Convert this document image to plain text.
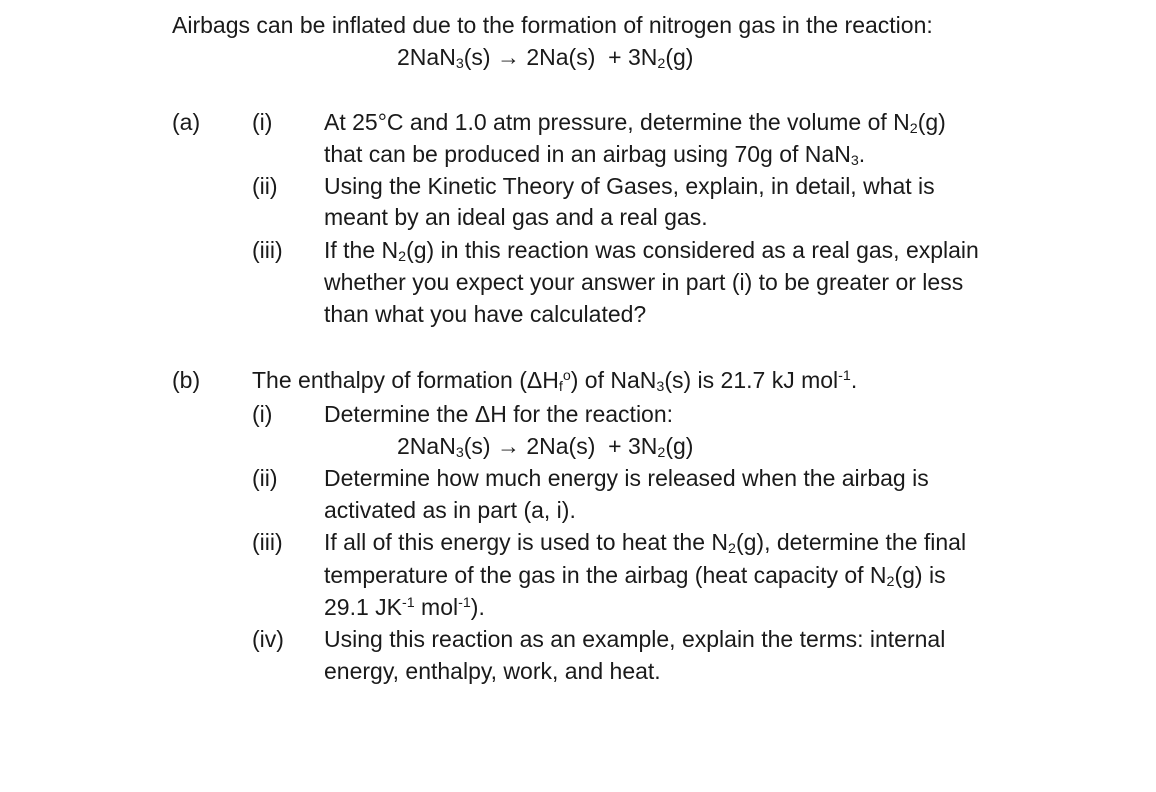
Airbags can be inflated due to the formation of nitrogen gas in the reaction:
$2NaN_3(s) \to 2Na(s) + 3N_2(g)$
(a) (i) At 25°C and 1.0 atm pressure, determine the volume of $N_2(g)$
that can be produced in an airbag using 70g of NaN$_3$.
(ii) Using the Kinetic Theory of Gases, explain, in detail, what is
meant by an ideal gas and a real gas.
(iii) If the $N_2(g)$ in this reaction was considered as a real gas, explain
whether you expect your answer in part (i) to be greater or less
than what you have calculated?
(b) The enthalpy of formation $(\Delta H_f^o)$ of NaN$_3$(s) is 21.7 kJ mol$^{-1}$.
(i) Determine the ΔH for the reaction:
$2NaN_3(s) \to 2Na(s) + 3N_2(g)$
(ii) Determine how much energy is released when the airbag is
activated as in part (a, i).
(iii) If all of this energy is used to heat the $N_2(g)$, determine the final
temperature of the gas in the airbag (heat capacity of $N_2(g)$ is
29.1 $JK^{-1}$ mol$^{-1}$).
(iv) Using this reaction as an example, explain the terms: internal
energy, enthalpy, work, and heat.
